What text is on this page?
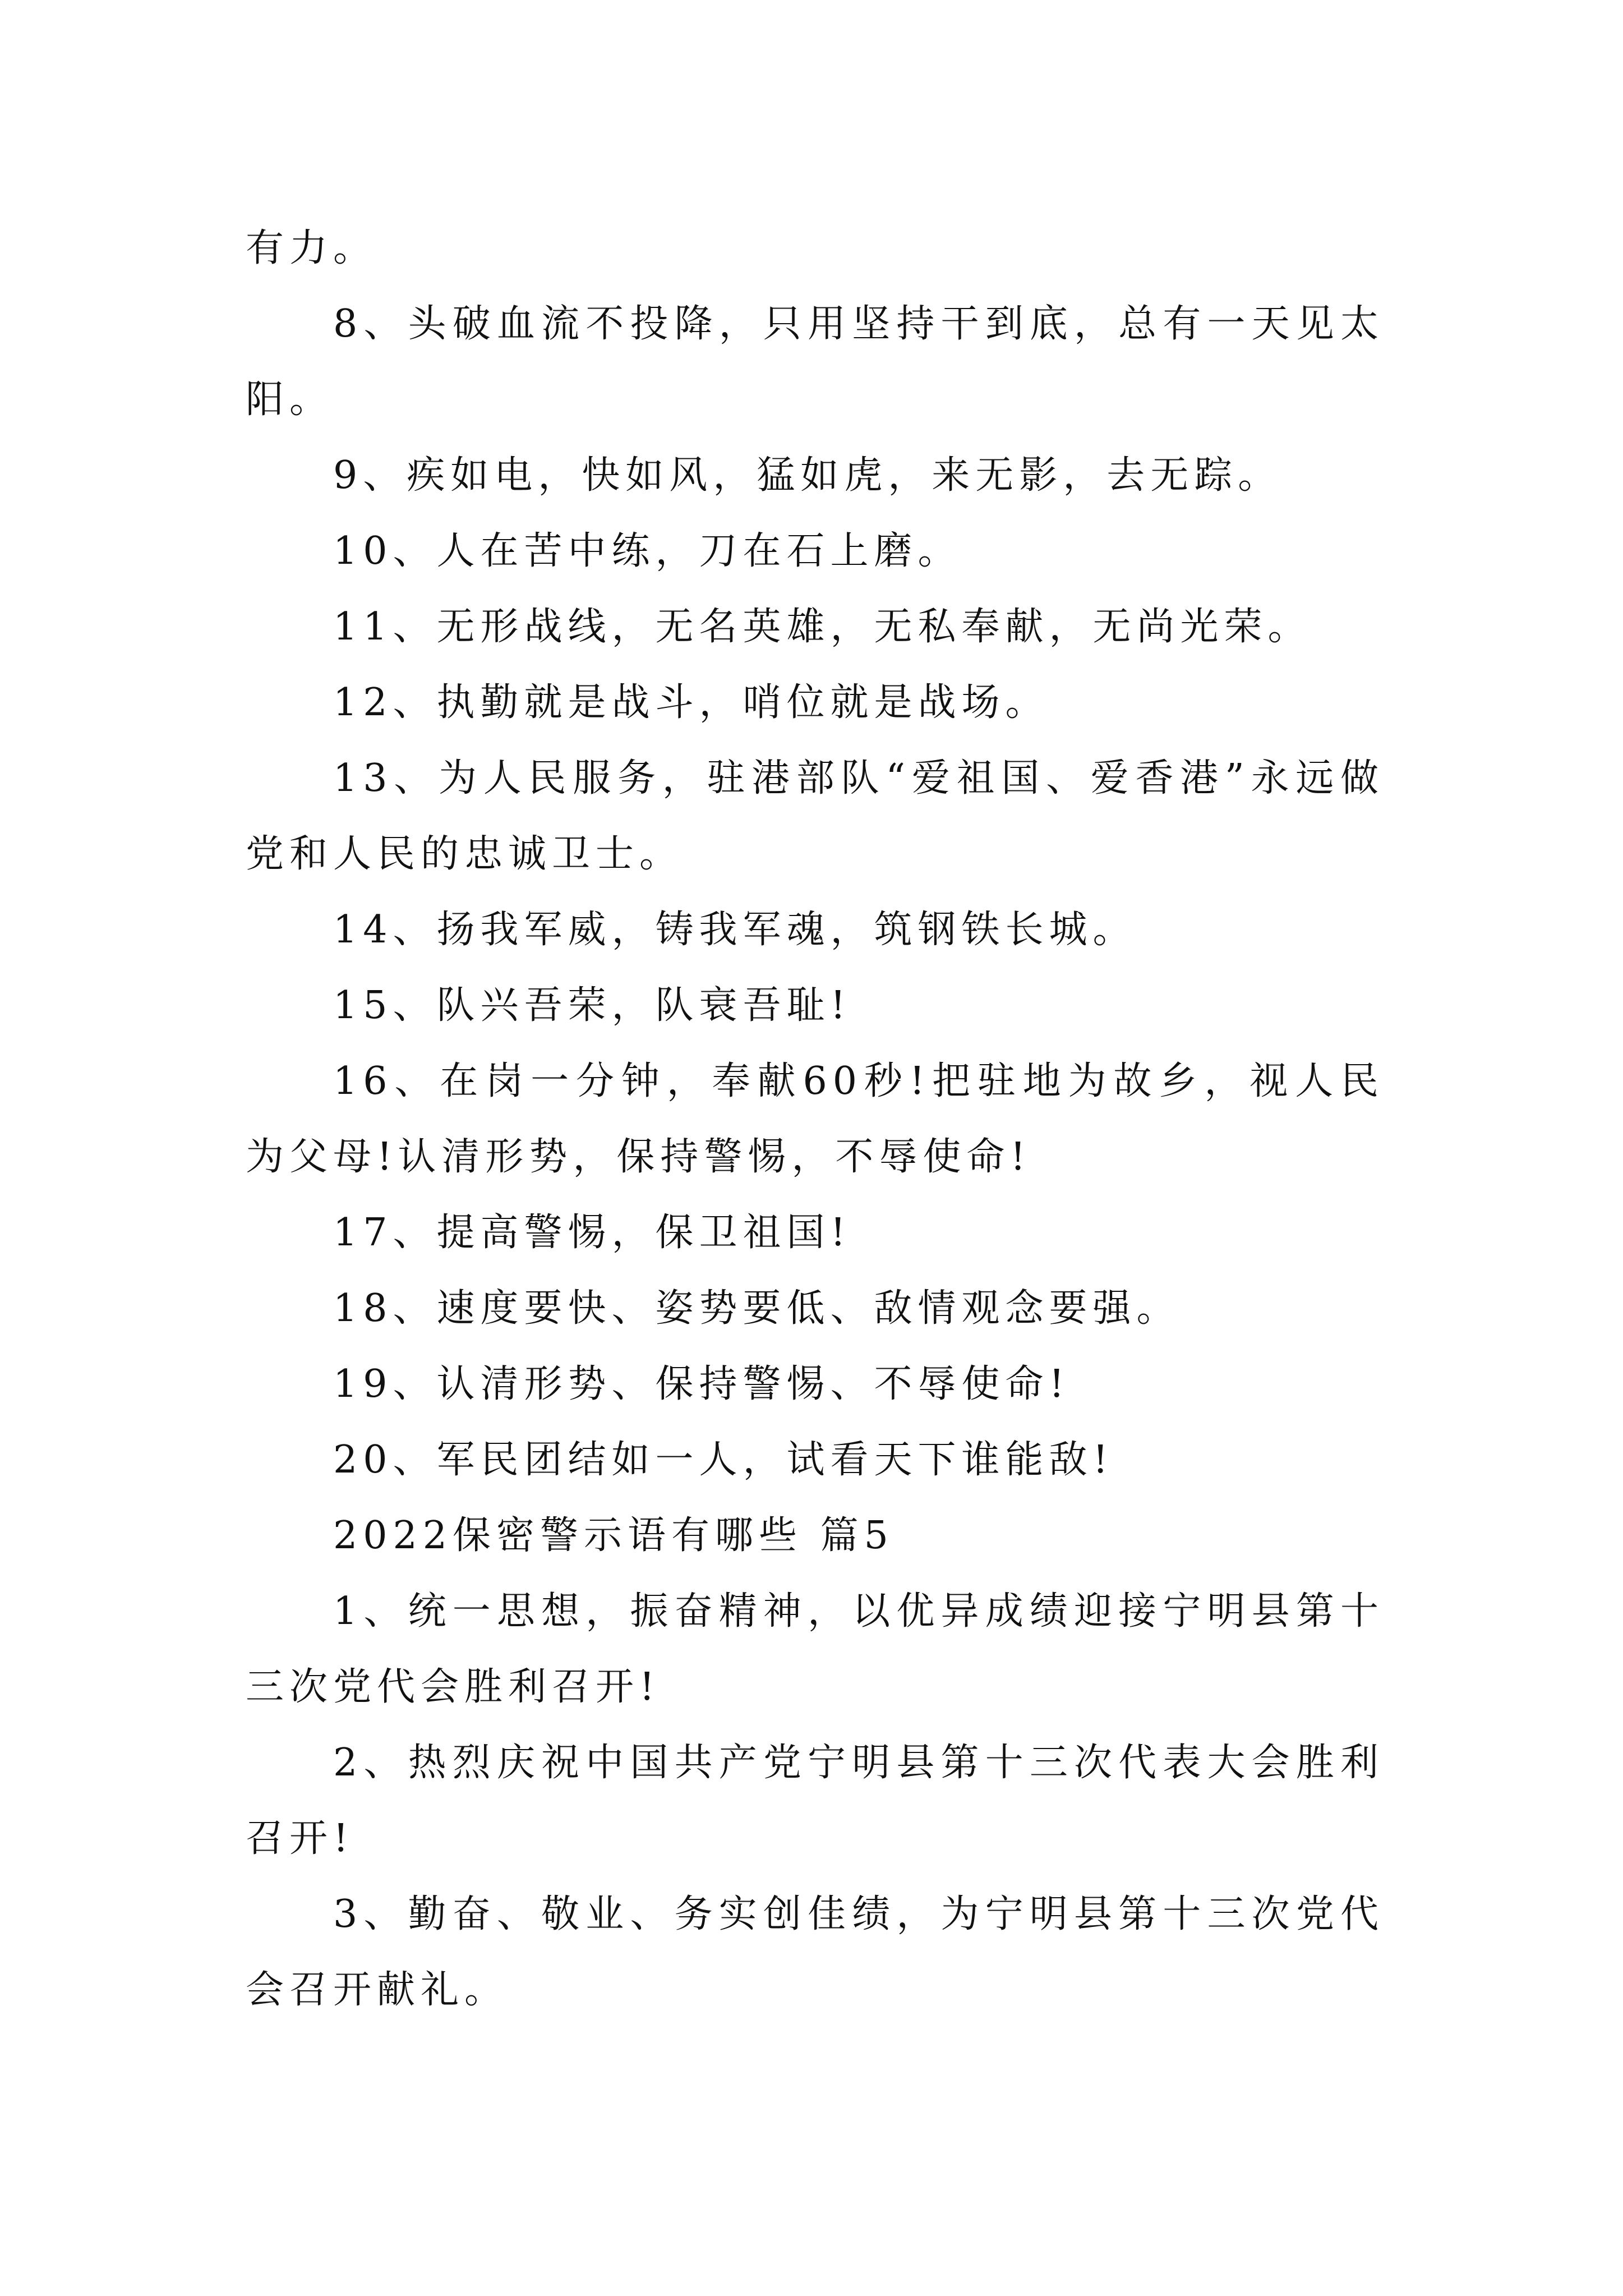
有力。

8、头破血流不投降，只用坚持干到底，总有一天见太阳。

9、疾如电，快如风，猛如虎，来无影，去无踪。

10、人在苦中练，刀在石上磨。

11、无形战线，无名英雄，无私奉献，无尚光荣。

12、执勤就是战斗，哨位就是战场。

13、为人民服务，驻港部队“爱祖国、爱香港”永远做党和人民的忠诚卫士。

14、扬我军威，铸我军魂，筑钢铁长城。

15、队兴吾荣，队衰吾耻!

16、在岗一分钟，奉献60秒!把驻地为故乡，视人民为父母!认清形势，保持警惕，不辱使命!

17、提高警惕，保卫祖国!

18、速度要快、姿势要低、敌情观念要强。

19、认清形势、保持警惕、不辱使命!

20、军民团结如一人，试看天下谁能敌!

2022保密警示语有哪些 篇5

1、统一思想，振奋精神，以优异成绩迎接宁明县第十三次党代会胜利召开!

2、热烈庆祝中国共产党宁明县第十三次代表大会胜利召开!

3、勤奋、敬业、务实创佳绩，为宁明县第十三次党代会召开献礼。
